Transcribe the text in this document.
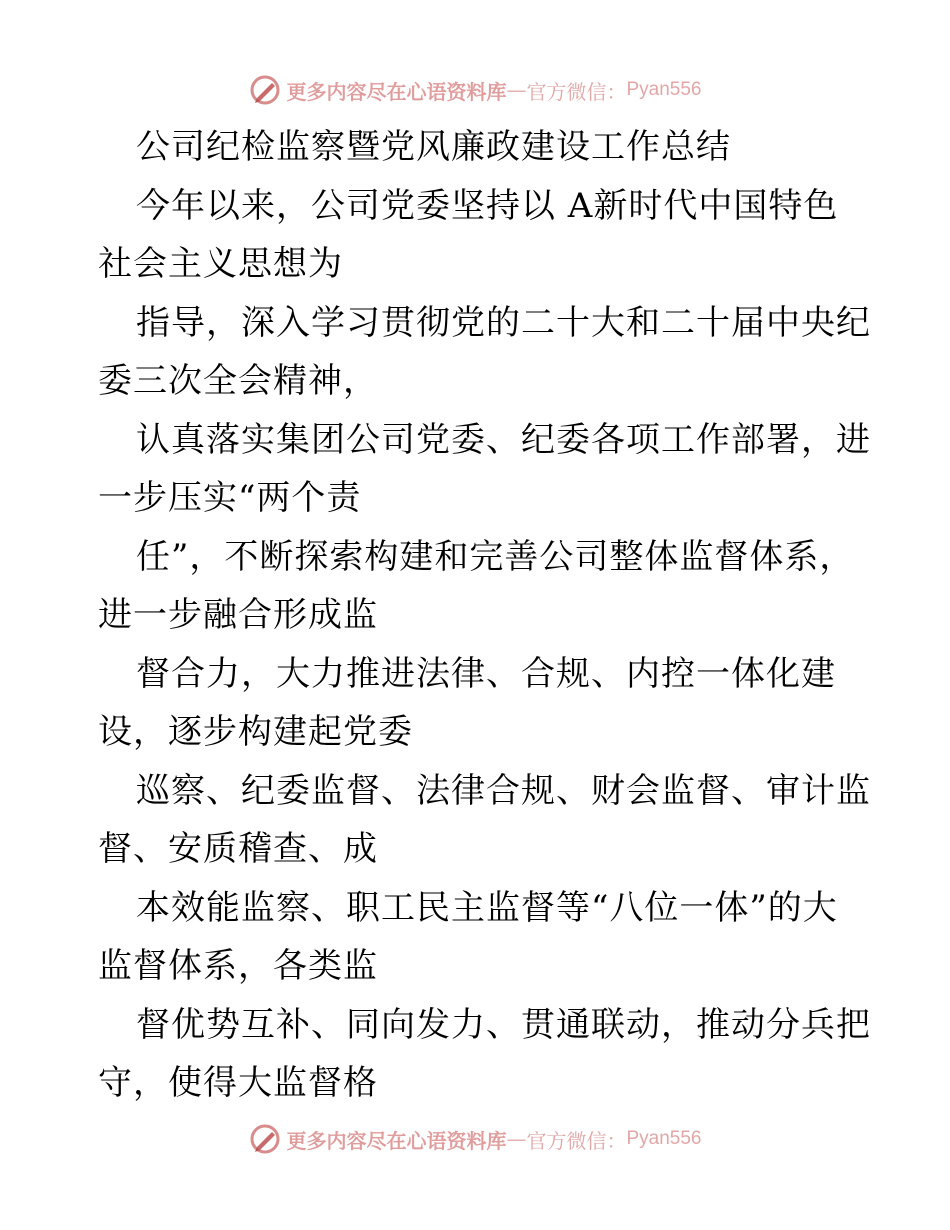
更多内容尽在心语资料库 — 官方微信： Pyan556
公司纪检监察暨党风廉政建设工作总结
今年以来，公司党委坚持以 A新时代中国特色
社会主义思想为
指导，深入学习贯彻党的二十大和二十届中央纪
委三次全会精神，
认真落实集团公司党委、纪委各项工作部署，进
一步压实“两个责
任”，不断探索构建和完善公司整体监督体系，
进一步融合形成监
督合力，大力推进法律、合规、内控一体化建
设，逐步构建起党委
巡察、纪委监督、法律合规、财会监督、审计监
督、安质稽查、成
本效能监察、职工民主监督等“八位一体”的大
监督体系，各类监
督优势互补、同向发力、贯通联动，推动分兵把
守，使得大监督格
更多内容尽在心语资料库 — 官方微信： Pyan556
